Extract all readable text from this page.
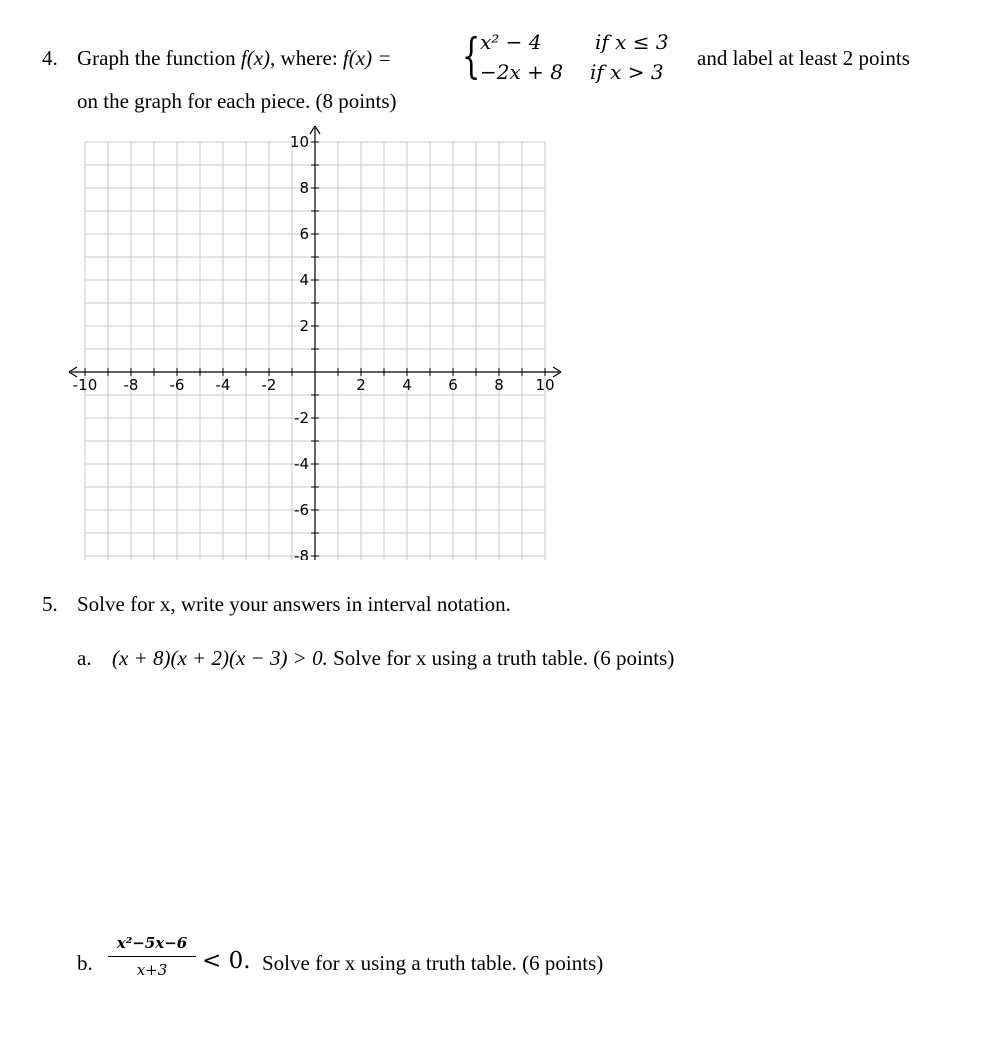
4. Graph the function f(x), where: f(x) = { x² − 4	if x ≤ 3
−2x + 8 if x > 3
and label at least 2 points
on the graph for each piece. (8 points)
-10 -8 -6 -4 -2	2 4 6 8 10
10
8
6
4
2
-2
-4
-6
-8
5. Solve for x, write your answers in interval notation.
a. (x + 8)(x + 2)(x − 3) > 0. Solve for x using a truth table. (6 points)
b. $\frac{\text{x²−5x−6}}{x+3} < 0$. Solve for x using a truth table. (6 points)
